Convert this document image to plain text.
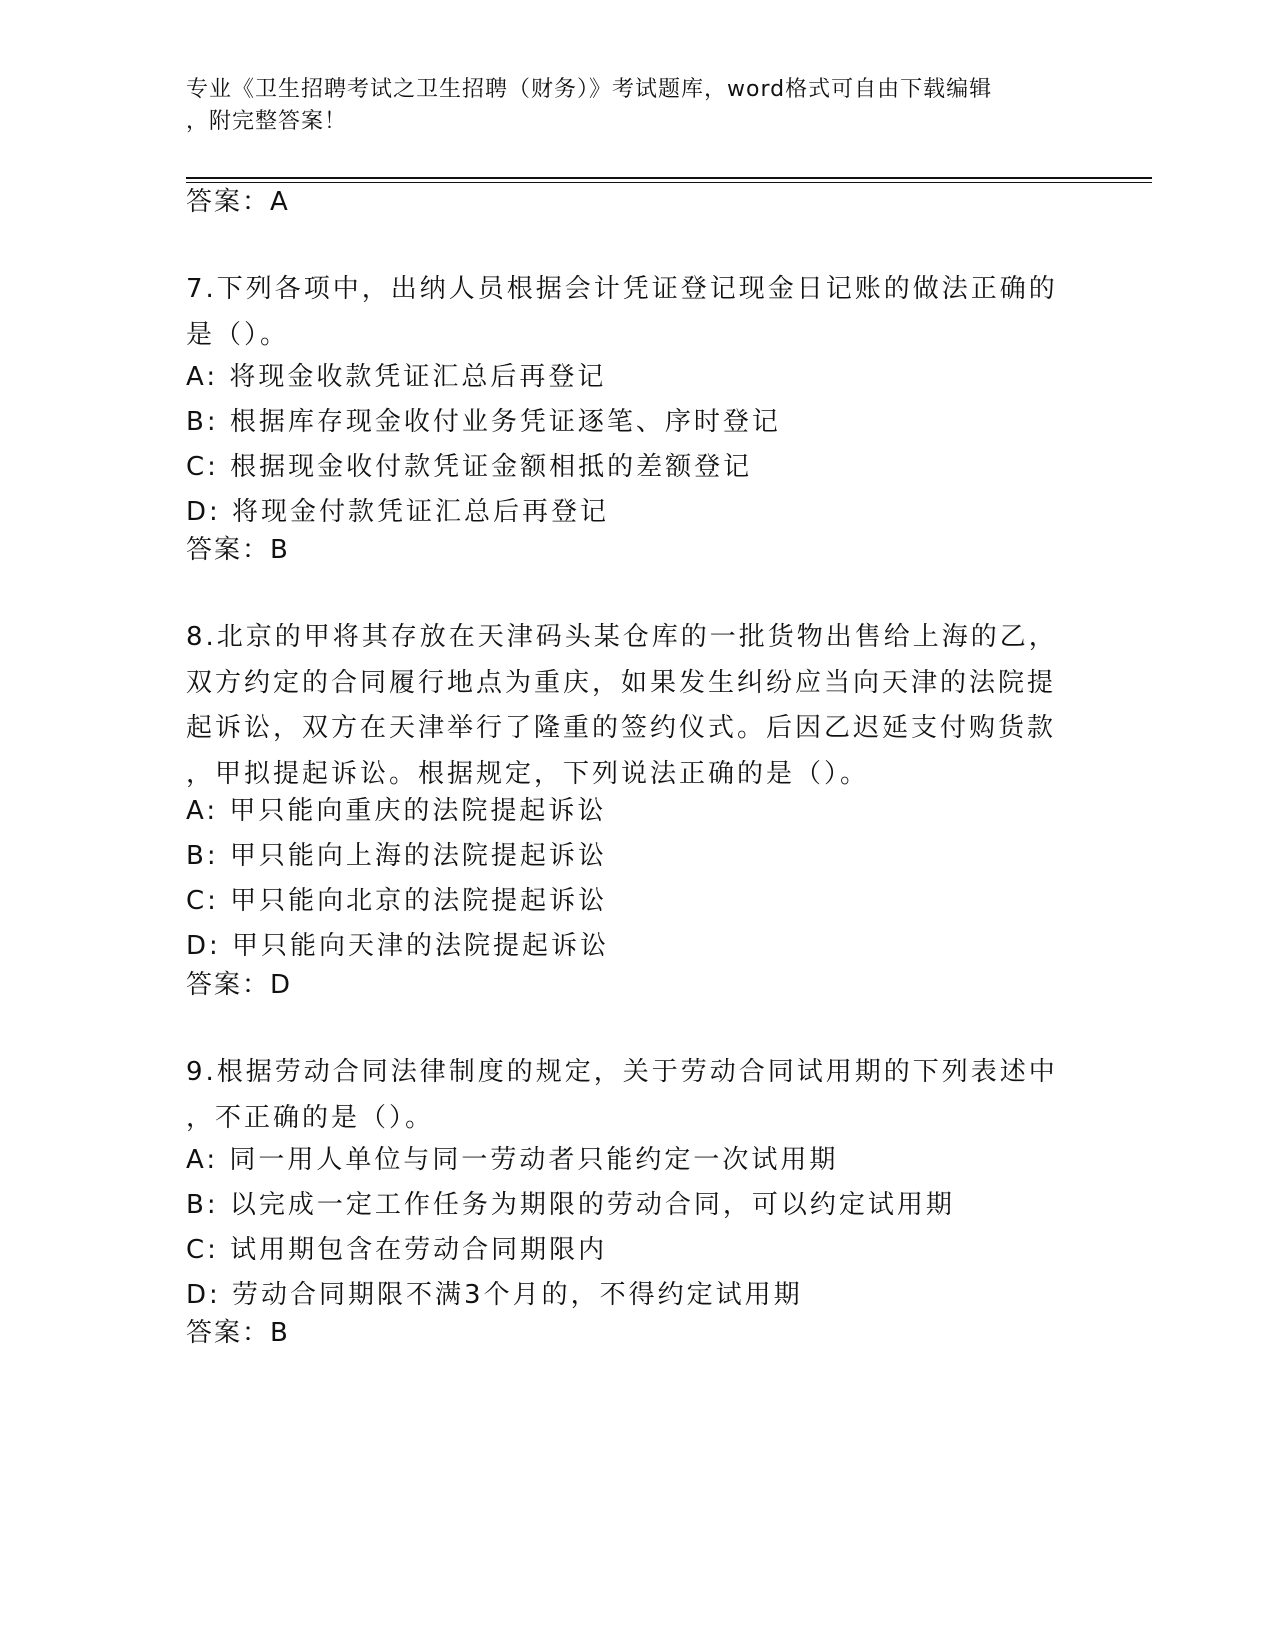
专业《卫生招聘考试之卫生招聘（财务）》考试题库，word格式可自由下载编辑
，附完整答案！
答案：A
7.下列各项中，出纳人员根据会计凭证登记现金日记账的做法正确的
是（）。
A: 将现金收款凭证汇总后再登记
B: 根据库存现金收付业务凭证逐笔、序时登记
C: 根据现金收付款凭证金额相抵的差额登记
D: 将现金付款凭证汇总后再登记
答案：B
8.北京的甲将其存放在天津码头某仓库的一批货物出售给上海的乙，
双方约定的合同履行地点为重庆，如果发生纠纷应当向天津的法院提
起诉讼，双方在天津举行了隆重的签约仪式。后因乙迟延支付购货款
，甲拟提起诉讼。根据规定，下列说法正确的是（）。
A: 甲只能向重庆的法院提起诉讼
B: 甲只能向上海的法院提起诉讼
C: 甲只能向北京的法院提起诉讼
D: 甲只能向天津的法院提起诉讼
答案：D
9.根据劳动合同法律制度的规定，关于劳动合同试用期的下列表述中
，不正确的是（）。
A: 同一用人单位与同一劳动者只能约定一次试用期
B: 以完成一定工作任务为期限的劳动合同，可以约定试用期
C: 试用期包含在劳动合同期限内
D: 劳动合同期限不满3个月的，不得约定试用期
答案：B
